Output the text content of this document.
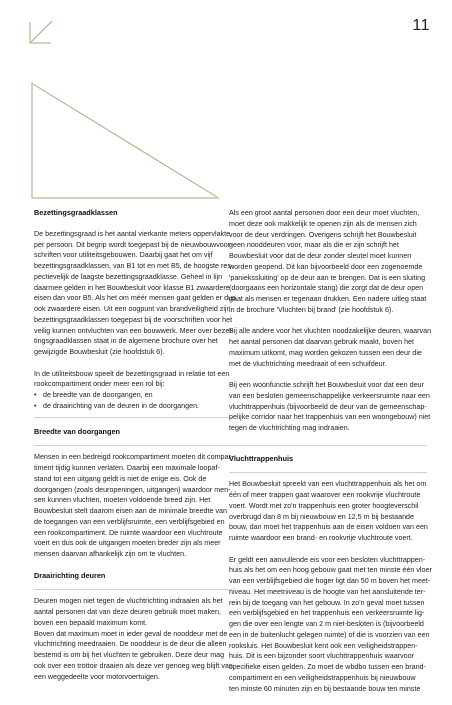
11
Bezettingsgraadklassen
De bezettingsgraad is het aantal vierkante meters oppervlakte
per persoon. Dit begrip wordt toegepast bij de nieuwbouwvoor-
schriften voor utiliteitsgebouwen. Daarbij gaat het om vijf
bezettingsgraadklassen, van B1 tot en met B5, de hoogste res-
pectievelijk de laagste bezettingsgraadklasse. Geheel in lijn
daarmee gelden in het Bouwbesluit voor klasse B1 zwaardere
eisen dan voor B5. Als het om méér mensen gaat gelden er dus
ook zwaardere eisen. Uit een oogpunt van brandveiligheid zijn
bezettingsgraadklassen toegepast bij de voorschriften voor het
veilig kunnen ontvluchten van een bouwwerk. Meer over bezet-
tingsgraadklassen staat in de algemene brochure over het
gewijzigde Bouwbesluit (zie hoofdstuk 6).
In de utiliteitsbouw speelt de bezettingsgraad in relatie tot een
rookcompartiment onder meer een rol bij:
• de breedte van de doorgangen, en
• de draairichting van de deuren in de doorgangen.
Breedte van doorgangen
Mensen in een bedreigd rookcompartiment moeten dit compar-
timent tijdig kunnen verlaten. Daarbij een maximale loopaf-
stand tot een uitgang geldt is niet de enige eis. Ook de
doorgangen (zoals deuropeningen, uitgangen) waardoor men-
sen kunnen vluchten, moeten voldoende breed zijn. Het
Bouwbesluit stelt daarom eisen aan de minimale breedte van
de toegangen van een verblijfsruimte, een verblijfsgebied en
een rookcompartiment. De ruimte waardoor een vluchtroute
voert en dus ook de uitgangen moeten breder zijn als meer
mensen daarvan afhankelijk zijn om te vluchten.
Draairichting deuren
Deuren mogen niet tegen de vluchtrichting indraaien als het
aantal personen dat van deze deuren gebruik moet maken,
boven een bepaald maximum komt.
Boven dat maximum moet in ieder geval de nooddeur met de
vluchtrichting meedraaien. De nooddeur is de deur die alleen
bestemd is om bij het vluchten te gebruiken. Deze deur mag
ook over een trottoir draaien als deze ver genoeg weg blijft van
een weggedeelte voor motorvoertuigen.
Als een groot aantal personen door een deur moet vluchten,
moet deze ook makkelijk te openen zijn als de mensen zich
voor de deur verdringen. Overigens schrijft het Bouwbesluit
geen nooddeuren voor, maar als die er zijn schrijft het
Bouwbesluit voor dat de deur zonder sleutel moet kunnen
worden geopend. Dit kan bijvoorbeeld door een zogenoemde
'paniekssluiting' op de deur aan te brengen. Dat is een sluiting
(doorgaans een horizontale stang) die zorgt dat de deur open
gaat als mensen er tegenaan drukken. Een nadere uitleg staat
in de brochure 'Vluchten bij brand' (zie hoofdstuk 6).
Bij alle andere voor het vluchten noodzakelijke deuren, waarvan
het aantal personen dat daarvan gebruik maakt, boven het
maximum uitkomt, mag worden gekozen tussen een deur die
met de vluchtrichting meedraait of een schuifdeur.
Bij een woonfunctie schrijft het Bouwbesluit voor dat een deur
van een besloten gemeenschappelijke verkeersruimte naar een
vluchttrappenhuis (bijvoorbeeld de deur van de gemeenschap-
pelijke corridor naar het trappenhuis van een woongebouw) niet
tegen de vluchtrichting mag indraaien.
Vluchttrappenhuis
Het Bouwbesluit spreekt van een vluchttrappenhuis als het om
één of meer trappen gaat waarover een rookvrije vluchtroute
voert. Wordt met zo'n trappenhuis een groter hoogteverschil
overbrugd dan 8 m bij nieuwbouw en 12,5 m bij bestaande
bouw, dan moet het trappenhuis aan de eisen voldoen van een
ruimte waardoor een brand- en rookvrije vluchtroute voert.
Er geldt een aanvullende eis voor een besloten vluchttrappen-
huis als het om een hoog gebouw gaat met ten minste één vloer
van een verblijfsgebied die hoger ligt dan 50 m boven het meet-
niveau. Het meetniveau is de hoogte van het aansluitende ter-
rein bij de toegang van het gebouw. In zo'n geval moet tussen
een verblijfsgebied en het trappenhuis een verkeersruimte lig-
gen die over een lengte van 2 m niet-besloten is (bijvoorbeeld
een in de buitenlucht gelegen ruimte) of die is voorzien van een
rooksluis. Het Bouwbesluit kent ook een veiligheidstrappen-
huis. Dit is een bijzonder soort vluchttrappenhuis waarvoor
specifieke eisen gelden. Zo moet de wbdbo tussen een brand-
compartiment en een veiligheidstrappenhuis bij nieuwbouw
ten minste 60 minuten zijn en bij bestaande bouw ten minste
